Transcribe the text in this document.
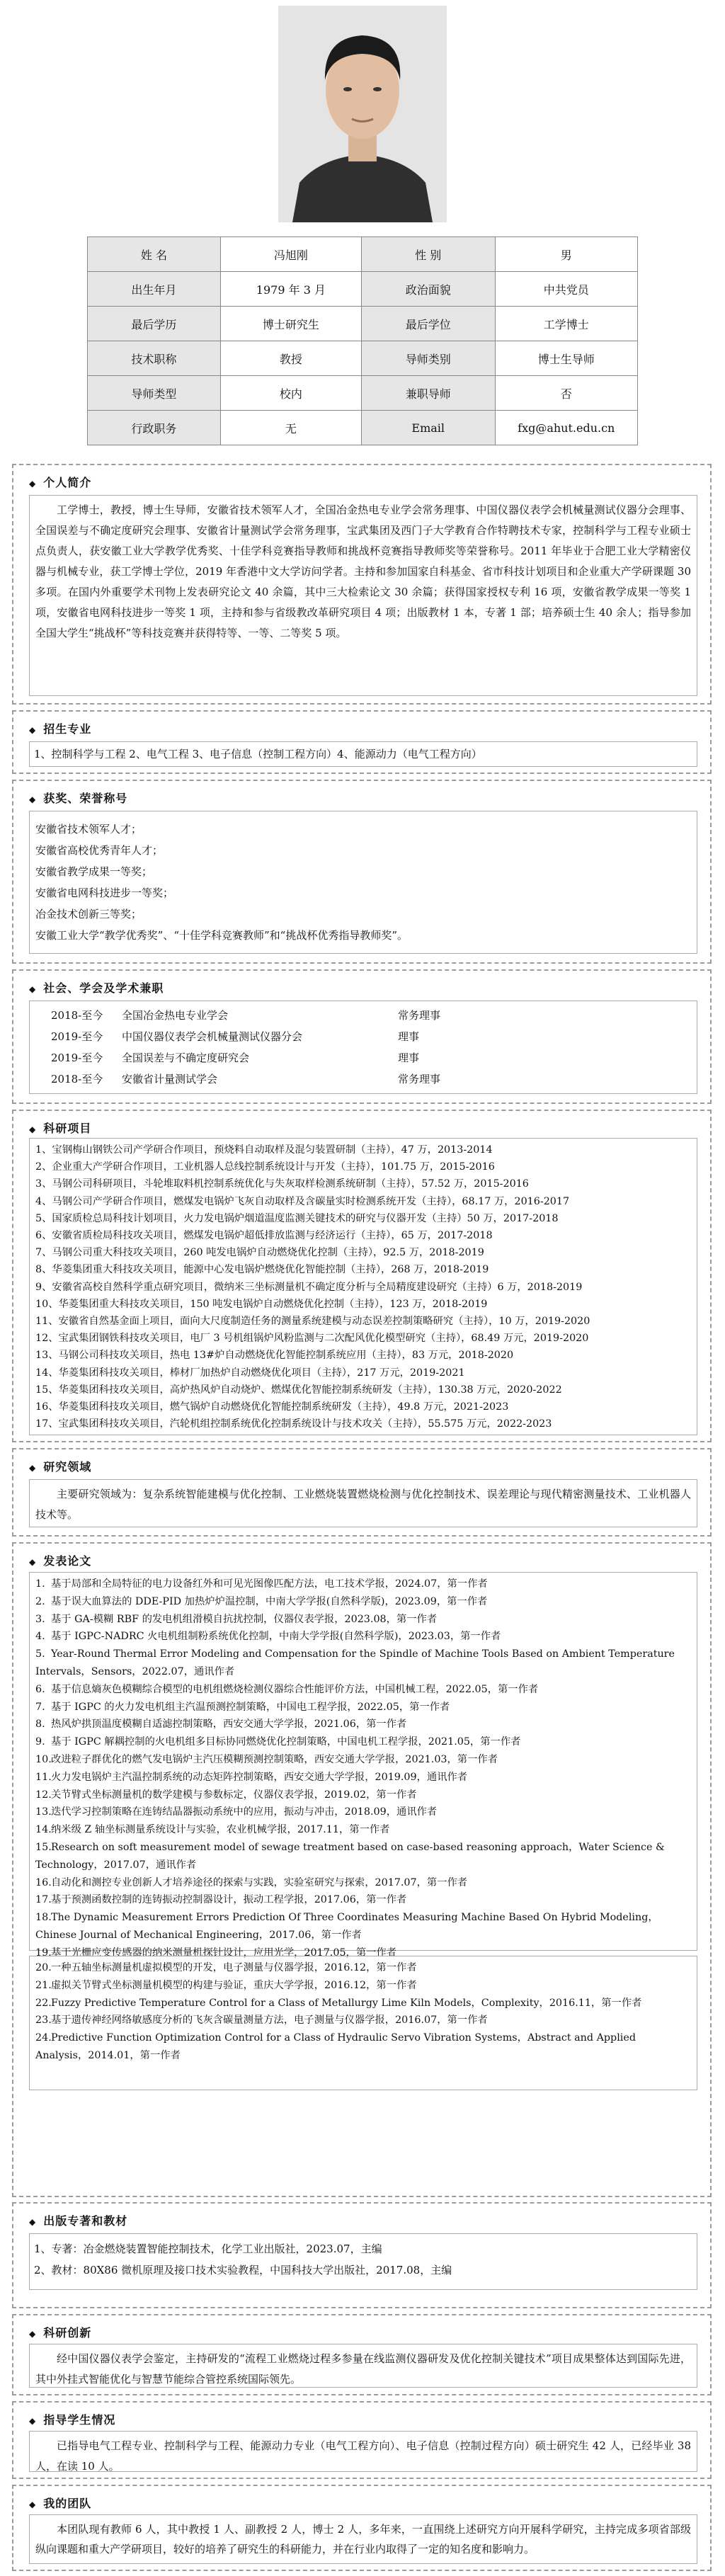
姓 名	冯旭刚	性 别	男
出生年月	1979 年 3 月	政治面貌	中共党员
最后学历	博士研究生	最后学位	工学博士
技术职称	教授	导师类别	博士生导师
导师类型	校内	兼职导师	否
行政职务	无	Email	fxg@ahut.edu.cn
◆ 个人简介

工学博士，教授，博士生导师，安徽省技术领军人才，全国冶金热电专业学会常务理事、中国仪器仪表学会机械量测试仪器分会理事、全国误差与不确定度研究会理事、安徽省计量测试学会常务理事，宝武集团及西门子大学教育合作特聘技术专家，控制科学与工程专业硕士点负责人，获安徽工业大学教学优秀奖、十佳学科竞赛指导教师和挑战杯竞赛指导教师奖等荣誉称号。2011 年毕业于合肥工业大学精密仪器与机械专业，获工学博士学位，2019 年香港中文大学访问学者。主持和参加国家自科基金、省市科技计划项目和企业重大产学研课题 30 多项。在国内外重要学术刊物上发表研究论文 40 余篇，其中三大检索论文 30 余篇；获得国家授权专利 16 项，安徽省教学成果一等奖 1 项，安徽省电网科技进步一等奖 1 项，主持和参与省级教改革研究项目 4 项；出版教材 1 本，专著 1 部；培养硕士生 40 余人；指导参加全国大学生“挑战杯”等科技竞赛并获得特等、一等、二等奖 5 项。

◆ 招生专业
1、控制科学与工程 2、电气工程 3、电子信息（控制工程方向）4、能源动力（电气工程方向）
◆ 获奖、荣誉称号
安徽省技术领军人才；
安徽省高校优秀青年人才；
安徽省教学成果一等奖；
安徽省电网科技进步一等奖；
冶金技术创新三等奖；
安徽工业大学“教学优秀奖”、“十佳学科竞赛教师”和“挑战杯优秀指导教师奖”。
◆ 社会、学会及学术兼职
2018-至今	全国冶金热电专业学会	常务理事
2019-至今	中国仪器仪表学会机械量测试仪器分会	理事
2019-至今	全国误差与不确定度研究会	理事
2018-至今	安徽省计量测试学会	常务理事
◆ 科研项目
1、宝钢梅山钢铁公司产学研合作项目，预烧料自动取样及混匀装置研制（主持），47 万，2013-2014
2、企业重大产学研合作项目，工业机器人总线控制系统设计与开发（主持），101.75 万，2015-2016
3、马钢公司科研项目，斗轮堆取料机控制系统优化与失灰取样检测系统研制（主持），57.52 万，2015-2016
4、马钢公司产学研合作项目，燃煤发电锅炉飞灰自动取样及含碳量实时检测系统开发（主持），68.17 万，2016-2017
5、国家质检总局科技计划项目，火力发电锅炉烟道温度监测关键技术的研究与仪器开发（主持）50 万，2017-2018
6、安徽省质检局科技攻关项目，燃煤发电锅炉超低排放监测与经济运行（主持），65 万，2017-2018
7、马钢公司重大科技攻关项目，260 吨发电锅炉自动燃烧优化控制（主持），92.5 万，2018-2019
8、华菱集团重大科技攻关项目，能源中心发电锅炉燃烧优化智能控制（主持），268 万，2018-2019
9、安徽省高校自然科学重点研究项目，微纳米三坐标测量机不确定度分析与全局精度建设研究（主持）6 万，2018-2019
10、华菱集团重大科技攻关项目，150 吨发电锅炉自动燃烧优化控制（主持），123 万，2018-2019
11、安徽省自然基金面上项目，面向大尺度制造任务的测量系统建模与动态误差控制策略研究（主持），10 万，2019-2020
12、宝武集团钢铁科技攻关项目，电厂 3 号机组锅炉风粉监测与二次配风优化模型研究（主持），68.49 万元，2019-2020
13、马钢公司科技攻关项目，热电 13#炉自动燃烧优化智能控制系统应用（主持），83 万元，2018-2020
14、华菱集团科技攻关项目，棒材厂加热炉自动燃烧优化项目（主持），217 万元，2019-2021
15、华菱集团科技攻关项目，高炉热风炉自动烧炉、燃煤优化智能控制系统研发（主持），130.38 万元，2020-2022
16、华菱集团科技攻关项目，燃气锅炉自动燃烧优化智能控制系统研发（主持），49.8 万元，2021-2023
17、宝武集团科技攻关项目，汽轮机组控制系统优化控制系统设计与技术攻关（主持），55.575 万元，2022-2023
◆ 研究领域

主要研究领域为：复杂系统智能建模与优化控制、工业燃烧装置燃烧检测与优化控制技术、误差理论与现代精密测量技术、工业机器人技术等。

◆ 发表论文
1. 基于局部和全局特征的电力设备红外和可见光图像匹配方法，电工技术学报，2024.07，第一作者
2. 基于误大血算法的 DDE-PID 加热炉炉温控制，中南大学学报(自然科学版)，2023.09，第一作者
3. 基于 GA-模糊 RBF 的发电机组滑模自抗扰控制，仪器仪表学报，2023.08，第一作者
4. 基于 IGPC-NADRC 火电机组制粉系统优化控制，中南大学学报(自然科学版)，2023.03，第一作者
5. Year-Round Thermal Error Modeling and Compensation for the Spindle of Machine Tools Based on Ambient Temperature Intervals，Sensors，2022.07，通讯作者
6. 基于信息熵灰色模糊综合模型的电机组燃烧检测仪器综合性能评价方法，中国机械工程，2022.05，第一作者
7. 基于 IGPC 的火力发电机组主汽温预测控制策略，中国电工程学报，2022.05，第一作者
8. 热风炉拱顶温度模糊自适滤控制策略，西安交通大学学报，2021.06，第一作者
9. 基于 IGPC 解耦控制的火电机组多目标协同燃烧优化控制策略，中国电机工程学报，2021.05，第一作者
10.改进粒子群优化的燃气发电锅炉主汽压模糊预测控制策略，西安交通大学学报，2021.03，第一作者
11.火力发电锅炉主汽温控制系统的动态矩阵控制策略，西安交通大学学报，2019.09，通讯作者
12.关节臂式坐标测量机的数学建模与参数标定，仪器仪表学报，2019.02，第一作者
13.迭代学习控制策略在连铸结晶器振动系统中的应用，振动与冲击，2018.09，通讯作者
14.纳米级 Z 轴坐标测量系统设计与实验，农业机械学报，2017.11，第一作者
15.Research on soft measurement model of sewage treatment based on case-based reasoning approach，Water Science & Technology，2017.07，通讯作者
16.自动化和测控专业创新人才培养途径的探索与实践，实验室研究与探索，2017.07，第一作者
17.基于预测函数控制的连铸振动控制器设计，振动工程学报，2017.06，第一作者
18.The Dynamic Measurement Errors Prediction Of Three Coordinates Measuring Machine Based On Hybrid Modeling，Chinese Journal of Mechanical Engineering，2017.06，第一作者
19.基于光栅应变传感器的纳米测量机探针设计，应用光学，2017.05，第一作者
20.一种五轴坐标测量机虚拟模型的开发，电子测量与仪器学报，2016.12，第一作者
21.虚拟关节臂式坐标测量机模型的构建与验证，重庆大学学报，2016.12，第一作者
22.Fuzzy Predictive Temperature Control for a Class of Metallurgy Lime Kiln Models，Complexity，2016.11，第一作者
23.基于遗传神经网络敏感度分析的飞灰含碳量测量方法，电子测量与仪器学报，2016.07，第一作者
24.Predictive Function Optimization Control for a Class of Hydraulic Servo Vibration Systems，Abstract and Applied Analysis，2014.01，第一作者
◆ 出版专著和教材
1、专著：冶金燃烧装置智能控制技术，化学工业出版社，2023.07，主编
2、教材：80X86 微机原理及接口技术实验教程，中国科技大学出版社，2017.08，主编
◆ 科研创新

经中国仪器仪表学会鉴定，主持研发的“流程工业燃烧过程多参量在线监测仪器研发及优化控制关键技术”项目成果整体达到国际先进，其中外挂式智能优化与智慧节能综合管控系统国际领先。

◆ 指导学生情况

已指导电气工程专业、控制科学与工程、能源动力专业（电气工程方向）、电子信息（控制过程方向）硕士研究生 42 人，已经毕业 38 人，在读 10 人。

◆ 我的团队

本团队现有教师 6 人，其中教授 1 人、副教授 2 人，博士 2 人，多年来，一直围绕上述研究方向开展科学研究，主持完成多项省部级纵向课题和重大产学研项目，较好的培养了研究生的科研能力，并在行业内取得了一定的知名度和影响力。
